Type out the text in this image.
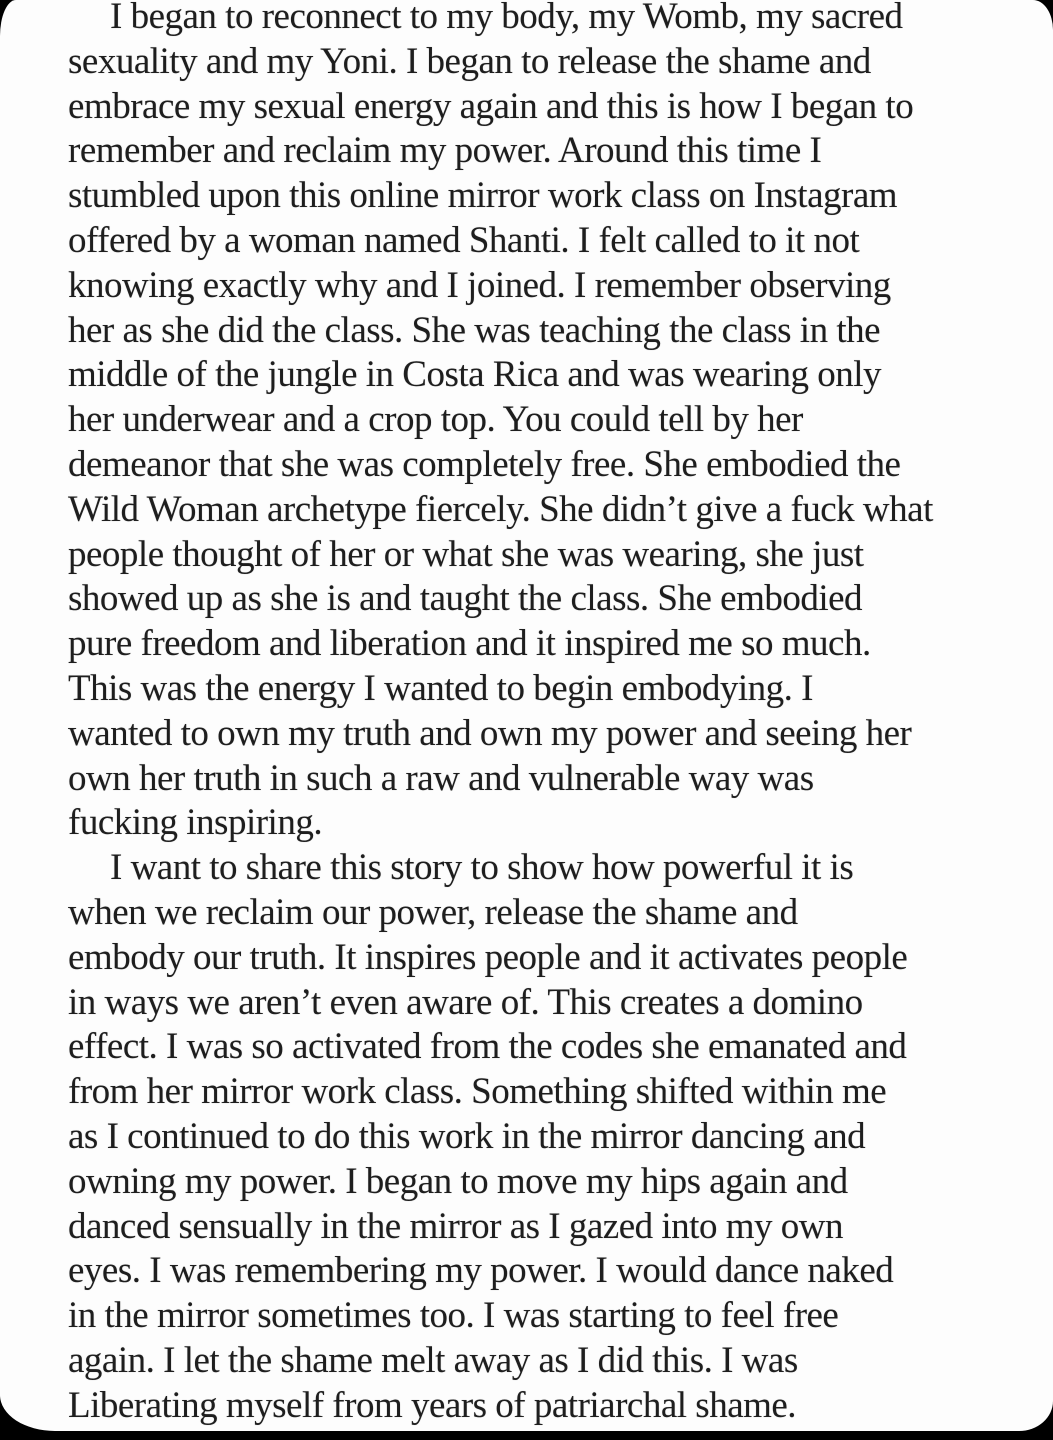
I began to reconnect to my body, my Womb, my sacred
sexuality and my Yoni. I began to release the shame and
embrace my sexual energy again and this is how I began to
remember and reclaim my power. Around this time I
stumbled upon this online mirror work class on Instagram
offered by a woman named Shanti. I felt called to it not
knowing exactly why and I joined. I remember observing
her as she did the class. She was teaching the class in the
middle of the jungle in Costa Rica and was wearing only
her underwear and a crop top. You could tell by her
demeanor that she was completely free. She embodied the
Wild Woman archetype fiercely. She didn’t give a fuck what
people thought of her or what she was wearing, she just
showed up as she is and taught the class. She embodied
pure freedom and liberation and it inspired me so much.
This was the energy I wanted to begin embodying. I
wanted to own my truth and own my power and seeing her
own her truth in such a raw and vulnerable way was
fucking inspiring.
I want to share this story to show how powerful it is
when we reclaim our power, release the shame and
embody our truth. It inspires people and it activates people
in ways we aren’t even aware of. This creates a domino
effect. I was so activated from the codes she emanated and
from her mirror work class. Something shifted within me
as I continued to do this work in the mirror dancing and
owning my power. I began to move my hips again and
danced sensually in the mirror as I gazed into my own
eyes. I was remembering my power. I would dance naked
in the mirror sometimes too. I was starting to feel free
again. I let the shame melt away as I did this. I was
Liberating myself from years of patriarchal shame.
